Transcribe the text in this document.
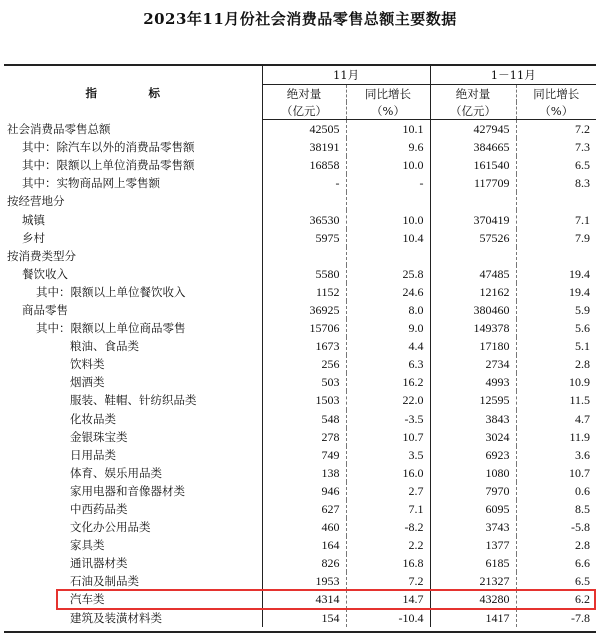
2023年11月份社会消费品零售总额主要数据
指　标	11月		1－11月	
	绝对量	同比增长	绝对量	同比增长
	（亿元）	（%）	（亿元）	（%）
社会消费品零售总额	42505	10.1	427945	7.2
其中：除汽车以外的消费品零售额	38191	9.6	384665	7.3
其中：限额以上单位消费品零售额	16858	10.0	161540	6.5
其中：实物商品网上零售额	-	-	117709	8.3
按经营地分				
城镇	36530	10.0	370419	7.1
乡村	5975	10.4	57526	7.9
按消费类型分				
餐饮收入	5580	25.8	47485	19.4
其中：限额以上单位餐饮收入	1152	24.6	12162	19.4
商品零售	36925	8.0	380460	5.9
其中：限额以上单位商品零售	15706	9.0	149378	5.6
粮油、食品类	1673	4.4	17180	5.1
饮料类	256	6.3	2734	2.8
烟酒类	503	16.2	4993	10.9
服装、鞋帽、针纺织品类	1503	22.0	12595	11.5
化妆品类	548	-3.5	3843	4.7
金银珠宝类	278	10.7	3024	11.9
日用品类	749	3.5	6923	3.6
体育、娱乐用品类	138	16.0	1080	10.7
家用电器和音像器材类	946	2.7	7970	0.6
中西药品类	627	7.1	6095	8.5
文化办公用品类	460	-8.2	3743	-5.8
家具类	164	2.2	1377	2.8
通讯器材类	826	16.8	6185	6.6
石油及制品类	1953	7.2	21327	6.5
汽车类	4314	14.7	43280	6.2
建筑及装潢材料类	154	-10.4	1417	-7.8
